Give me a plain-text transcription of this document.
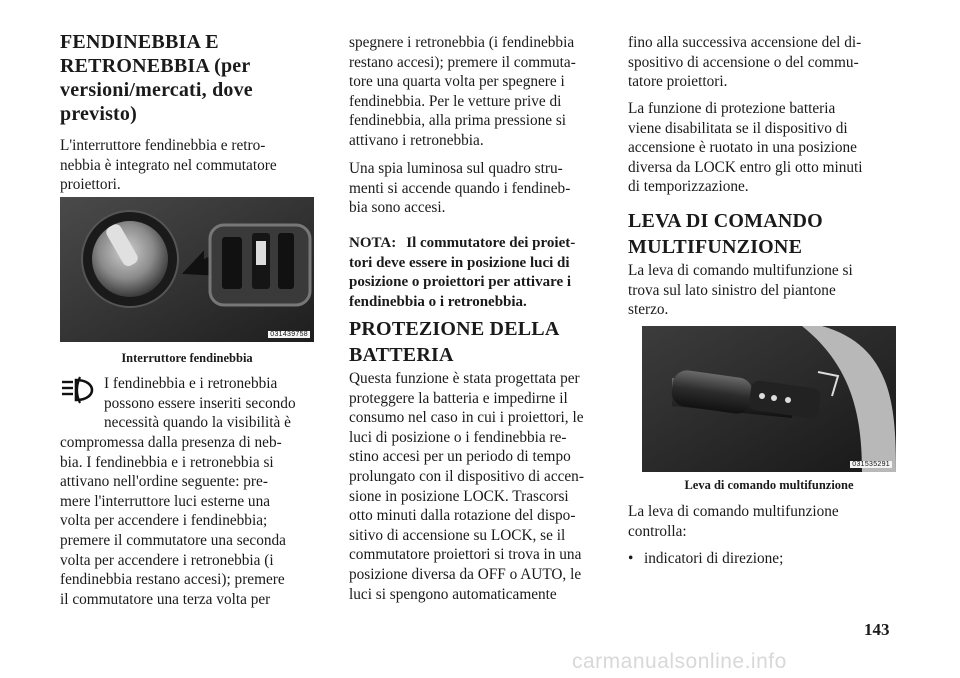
FENDINEBBIA E
RETRONEBBIA (per
versioni/mercati, dove
previsto)
L'interruttore fendinebbia e retro-
nebbia è integrato nel commutatore
proiettori.
031439758
Interruttore fendinebbia
I fendinebbia e i retronebbia
possono essere inseriti secondo
necessità quando la visibilità è
compromessa dalla presenza di neb-
bia. I fendinebbia e i retronebbia si
attivano nell'ordine seguente: pre-
mere l'interruttore luci esterne una
volta per accendere i fendinebbia;
premere il commutatore una seconda
volta per accendere i retronebbia (i
fendinebbia restano accesi); premere
il commutatore una terza volta per
spegnere i retronebbia (i fendinebbia
restano accesi); premere il commuta-
tore una quarta volta per spegnere i
fendinebbia. Per le vetture prive di
fendinebbia, alla prima pressione si
attivano i retronebbia.
Una spia luminosa sul quadro stru-
menti si accende quando i fendineb-
bia sono accesi.
NOTA: Il commutatore dei proiet-
tori deve essere in posizione luci di
posizione o proiettori per attivare i
fendinebbia o i retronebbia.
PROTEZIONE DELLA
BATTERIA
Questa funzione è stata progettata per
proteggere la batteria e impedirne il
consumo nel caso in cui i proiettori, le
luci di posizione o i fendinebbia re-
stino accesi per un periodo di tempo
prolungato con il dispositivo di accen-
sione in posizione LOCK. Trascorsi
otto minuti dalla rotazione del dispo-
sitivo di accensione su LOCK, se il
commutatore proiettori si trova in una
posizione diversa da OFF o AUTO, le
luci si spengono automaticamente
fino alla successiva accensione del di-
spositivo di accensione o del commu-
tatore proiettori.
La funzione di protezione batteria
viene disabilitata se il dispositivo di
accensione è ruotato in una posizione
diversa da LOCK entro gli otto minuti
di temporizzazione.
LEVA DI COMANDO
MULTIFUNZIONE
La leva di comando multifunzione si
trova sul lato sinistro del piantone
sterzo.
031535291
Leva di comando multifunzione
La leva di comando multifunzione
controlla:
• indicatori di direzione;
143
carmanualsonline.info
